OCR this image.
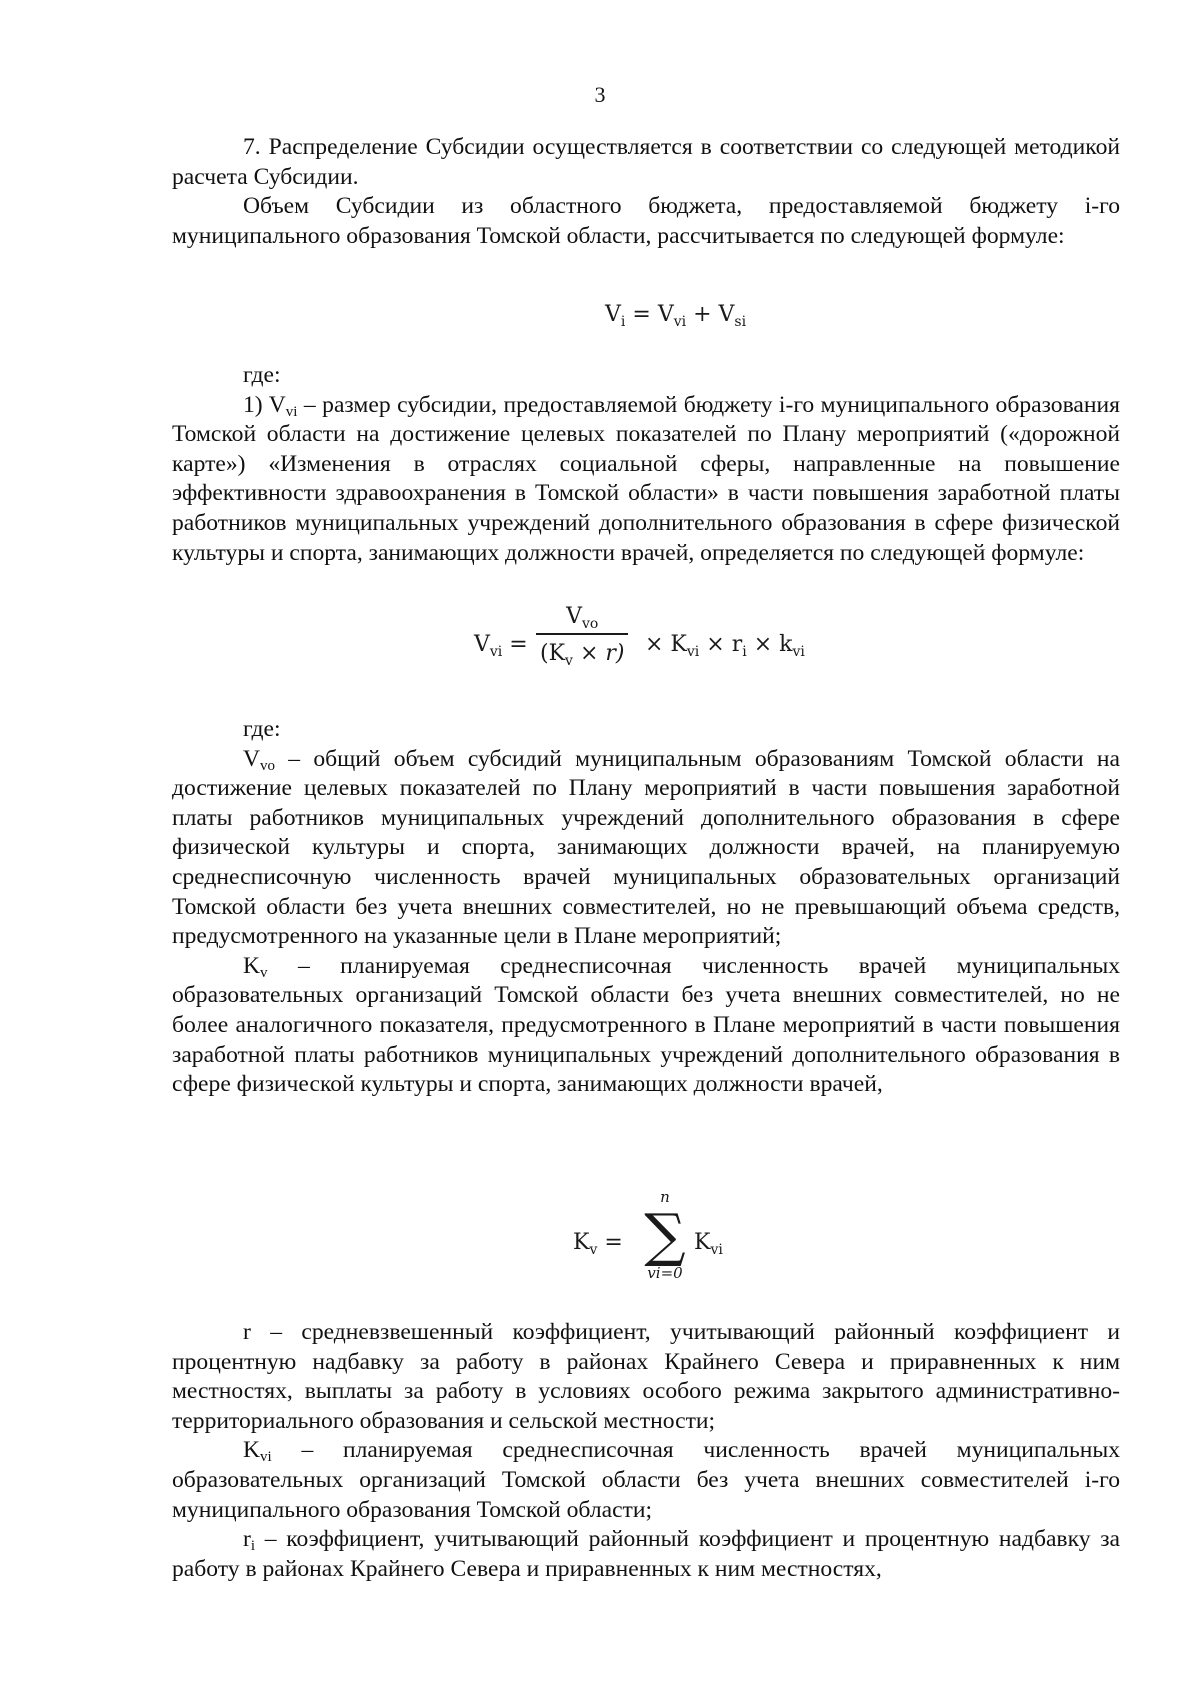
3

7. Распределение Субсидии осуществляется в соответствии со следующей методикой расчета Субсидии.

Объем Субсидии из областного бюджета, предоставляемой бюджету i-го муниципального образования Томской области, рассчитывается по следующей формуле:

$V_i = V_{vi} + V_{si}$

где:

1) $V_{vi}$ – размер субсидии, предоставляемой бюджету i-го муниципального образования Томской области на достижение целевых показателей по Плану мероприятий («дорожной карте») «Изменения в отраслях социальной сферы, направленные на повышение эффективности здравоохранения в Томской области» в части повышения заработной платы работников муниципальных учреждений дополнительного образования в сфере физической культуры и спорта, занимающих должности врачей, определяется по следующей формуле:

$V_{vi}$ =
$V_{vo}$
$(K_v \times r) \times K_{vi} \times r_i \times k_{vi}$

где:

$V_{vo}$ – общий объем субсидий муниципальным образованиям Томской области на достижение целевых показателей по Плану мероприятий в части повышения заработной платы работников муниципальных учреждений дополнительного образования в сфере физической культуры и спорта, занимающих должности врачей, на планируемую среднесписочную численность врачей муниципальных образовательных организаций Томской области без учета внешних совместителей, но не превышающий объема средств, предусмотренного на указанные цели в Плане мероприятий;

$K_v$ – планируемая среднесписочная численность врачей муниципальных образовательных организаций Томской области без учета внешних совместителей, но не более аналогичного показателя, предусмотренного в Плане мероприятий в части повышения заработной платы работников муниципальных учреждений дополнительного образования в сфере физической культуры и спорта, занимающих должности врачей,

$K_v$ =
n
∑
vi=0
$K_{vi}$

r – средневзвешенный коэффициент, учитывающий районный коэффициент и процентную надбавку за работу в районах Крайнего Севера и приравненных к ним местностях, выплаты за работу в условиях особого режима закрытого административно-территориального образования и сельской местности;

$K_{vi}$ – планируемая среднесписочная численность врачей муниципальных образовательных организаций Томской области без учета внешних совместителей i-го муниципального образования Томской области;

$r_i$ – коэффициент, учитывающий районный коэффициент и процентную надбавку за работу в районах Крайнего Севера и приравненных к ним местностях,
